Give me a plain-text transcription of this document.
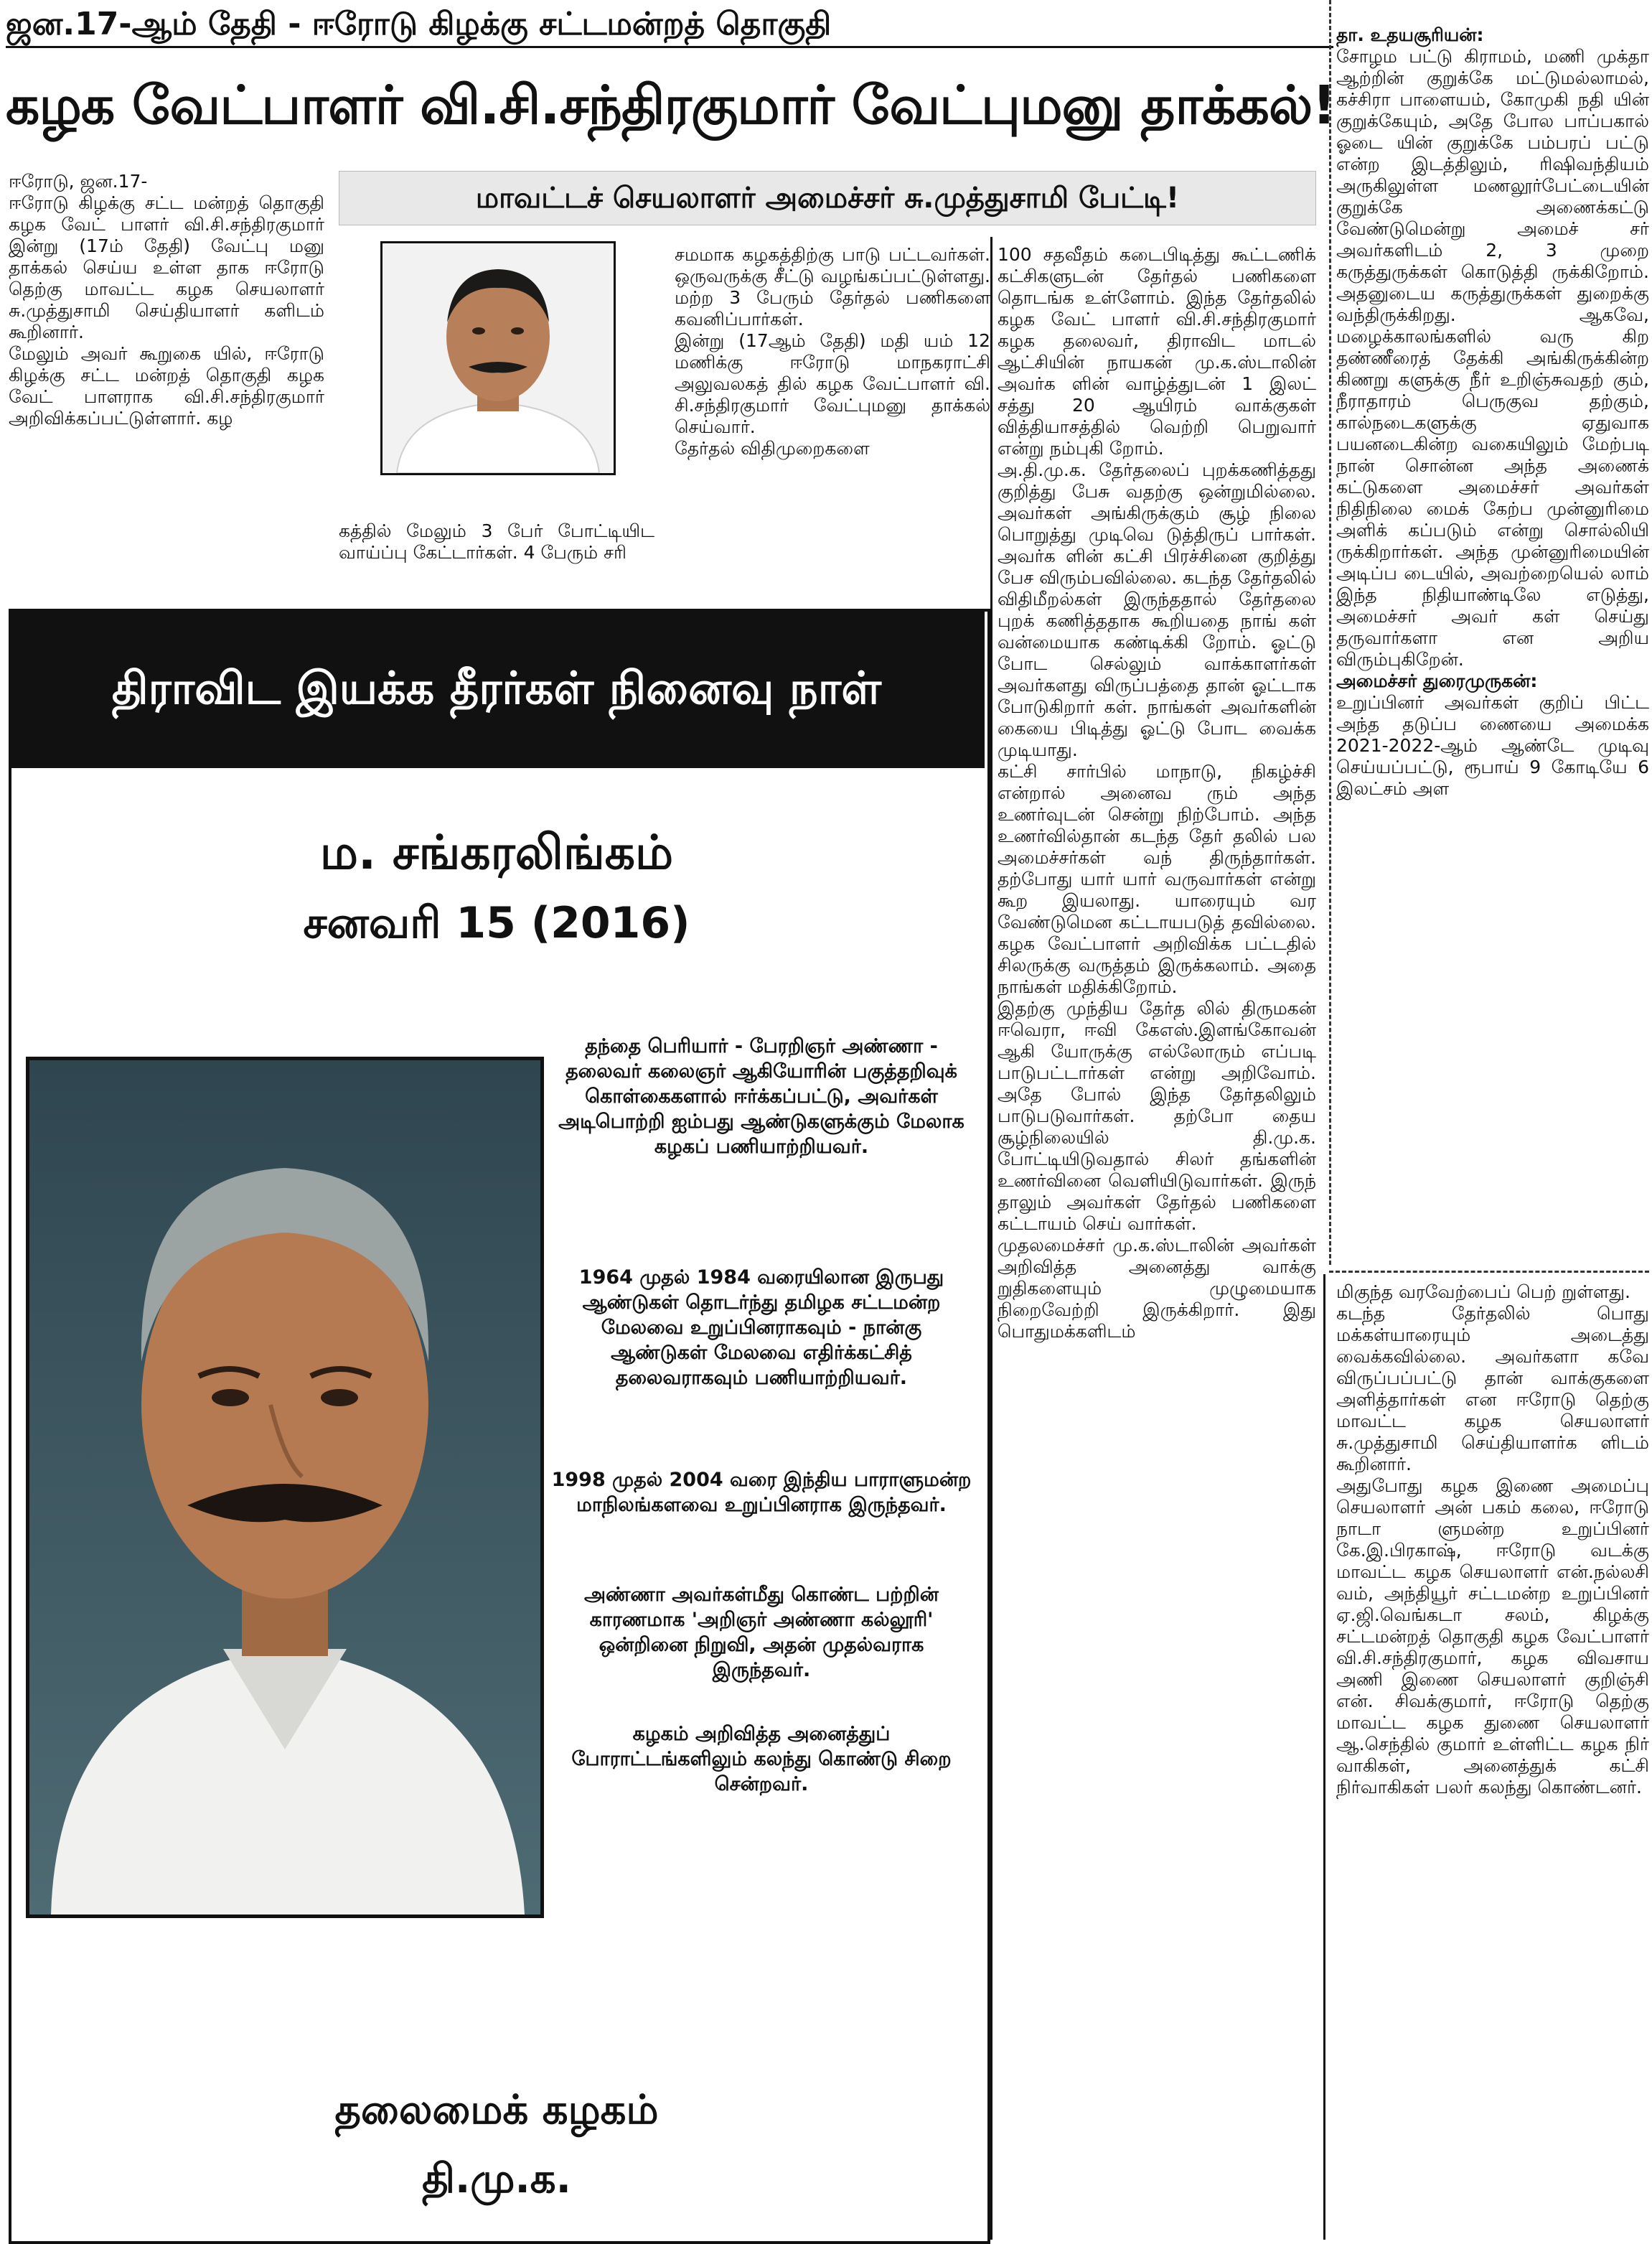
ஜன.17-ஆம் தேதி - ஈரோடு கிழக்கு சட்டமன்றத் தொகுதி
கழக வேட்பாளர் வி.சி.சந்திரகுமார் வேட்புமனு தாக்கல்!
மாவட்டச் செயலாளர் அமைச்சர் சு.முத்துசாமி பேட்டி!
ஈரோடு, ஜன.17-
ஈரோடு கிழக்கு சட்ட மன்றத் தொகுதி கழக வேட் பாளர் வி.சி.சந்திரகுமார் இன்று (17ம் தேதி) வேட்பு மனு தாக்கல் செய்ய உள்ள தாக ஈரோடு தெற்கு மாவட்ட கழக செயலாளர் சு.முத்துசாமி செய்தியாளர் களிடம் கூறினார்.
மேலும் அவர் கூறுகை யில், ஈரோடு கிழக்கு சட்ட மன்றத் தொகுதி கழக வேட் பாளராக வி.சி.சந்திரகுமார் அறிவிக்கப்பட்டுள்ளார். கழ
கத்தில் மேலும் 3 பேர் போட்டியிட வாய்ப்பு கேட்டார்கள். 4 பேரும் சரி
சமமாக கழகத்திற்கு பாடு பட்டவர்கள். ஒருவருக்கு சீட்டு வழங்கப்பட்டுள்ளது. மற்ற 3 பேரும் தேர்தல் பணிகளை கவனிப்பார்கள்.
இன்று (17ஆம் தேதி) மதி யம் 12 மணிக்கு ஈரோடு மாநகராட்சி அலுவலகத் தில் கழக வேட்பாளர் வி. சி.சந்திரகுமார் வேட்புமனு தாக்கல் செய்வார்.
தேர்தல் விதிமுறைகளை
100 சதவீதம் கடைபிடித்து கூட்டணிக் கட்சிகளுடன் தேர்தல் பணிகளை தொடங்க உள்ளோம். இந்த தேர்தலில் கழக வேட் பாளர் வி.சி.சந்திரகுமார் கழக தலைவர், திராவிட மாடல் ஆட்சியின் நாயகன் மு.க.ஸ்டாலின் அவர்க ளின் வாழ்த்துடன் 1 இலட் சத்து 20 ஆயிரம் வாக்குகள் வித்தியாசத்தில் வெற்றி பெறுவார் என்று நம்புகி றோம்.
அ.தி.மு.க. தேர்தலைப் புறக்கணித்தது குறித்து பேசு வதற்கு ஒன்றுமில்லை. அவர்கள் அங்கிருக்கும் சூழ் நிலை பொறுத்து முடிவெ டுத்திருப் பார்கள். அவர்க ளின் கட்சி பிரச்சினை குறித்து பேச விரும்பவில்லை. கடந்த தேர்தலில் விதிமீறல்கள் இருந்ததால் தேர்தலை புறக் கணித்ததாக கூறியதை நாங் கள் வன்மையாக கண்டிக்கி றோம். ஓட்டு போட செல்லும் வாக்காளர்கள் அவர்களது விருப்பத்தை தான் ஓட்டாக போடுகிறார் கள். நாங்கள் அவர்களின் கையை பிடித்து ஓட்டு போட வைக்க முடியாது.
கட்சி சார்பில் மாநாடு, நிகழ்ச்சி என்றால் அனைவ ரும் அந்த உணர்வுடன் சென்று நிற்போம். அந்த உணர்வில்தான் கடந்த தேர் தலில் பல அமைச்சர்கள் வந் திருந்தார்கள். தற்போது யார் யார் வருவார்கள் என்று கூற இயலாது. யாரையும் வர வேண்டுமென கட்டாயபடுத் தவில்லை. கழக வேட்பாளர் அறிவிக்க பட்டதில் சிலருக்கு வருத்தம் இருக்கலாம். அதை நாங்கள் மதிக்கிறோம்.
இதற்கு முந்திய தேர்த லில் திருமகன் ஈவெரா, ஈவி கேஎஸ்.இளங்கோவன் ஆகி யோருக்கு எல்லோரும் எப்படி பாடுபட்டார்கள் என்று அறிவோம். அதே போல் இந்த தேர்தலிலும் பாடுபடுவார்கள். தற்போ தைய சூழ்நிலையில் தி.மு.க. போட்டியிடுவதால் சிலர் தங்களின் உணர்வினை வெளியிடுவார்கள். இருந் தாலும் அவர்கள் தேர்தல் பணிகளை கட்டாயம் செய் வார்கள்.
முதலமைச்சர் மு.க.ஸ்டாலின் அவர்கள் அறிவித்த அனைத்து வாக்கு றுதிகளையும் முழுமையாக நிறைவேற்றி இருக்கிறார். இது பொதுமக்களிடம்

தா. உதயசூரியன்:
சோழம பட்டு கிராமம், மணி முக்தா ஆற்றின் குறுக்கே மட்டுமல்லாமல், கச்சிரா பாளையம், கோமுகி நதி யின் குறுக்கேயும், அதே போல பாப்பகால் ஓடை யின் குறுக்கே பம்பரப் பட்டு என்ற இடத்திலும், ரிஷிவந்தியம் அருகிலுள்ள மணலூர்பேட்டையின் குறுக்கே அணைக்கட்டு வேண்டுமென்று அமைச் சர் அவர்களிடம் 2, 3 முறை கருத்துருக்கள் கொடுத்தி ருக்கிறோம். அதனுடைய கருத்துருக்கள் துறைக்கு வந்திருக்கிறது. ஆகவே, மழைக்காலங்களில் வரு கிற தண்ணீரைத் தேக்கி அங்கிருக்கின்ற கிணறு களுக்கு நீர் உறிஞ்சுவதற் கும், நீராதாரம் பெருகுவ தற்கும், கால்நடைகளுக்கு ஏதுவாக பயனடைகின்ற வகையிலும் மேற்படி நான் சொன்ன அந்த அணைக் கட்டுகளை அமைச்சர் அவர்கள் நிதிநிலை மைக் கேற்ப முன்னுரிமை அளிக் கப்படும் என்று சொல்லியி ருக்கிறார்கள். அந்த முன்னுரிமையின் அடிப்ப டையில், அவற்றையெல் லாம் இந்த நிதியாண்டிலே எடுத்து, அமைச்சர் அவர் கள் செய்து தருவார்களா என அறிய விரும்புகிறேன்.
அமைச்சர் துரைமுருகன்:
உறுப்பினர் அவர்கள் குறிப் பிட்ட அந்த தடுப்ப ணையை அமைக்க 2021-2022-ஆம் ஆண்டே முடிவு செய்யப்பட்டு, ரூபாய் 9 கோடியே 6 இலட்சம் அள

மிகுந்த வரவேற்பைப் பெற் றுள்ளது.
கடந்த தேர்தலில் பொது மக்கள்யாரையும் அடைத்து வைக்கவில்லை. அவர்களா கவே விருப்பப்பட்டு தான் வாக்குகளை அளித்தார்கள் என ஈரோடு தெற்கு மாவட்ட கழக செயலாளர் சு.முத்துசாமி செய்தியாளர்க ளிடம் கூறினார்.
அதுபோது கழக இணை அமைப்பு செயலாளர் அன் பகம் கலை, ஈரோடு நாடா ளுமன்ற உறுப்பினர் கே.இ.பிரகாஷ், ஈரோடு வடக்கு மாவட்ட கழக செயலாளர் என்.நல்லசி வம், அந்தியூர் சட்டமன்ற உறுப்பினர் ஏ.ஜி.வெங்கடா சலம், கிழக்கு சட்டமன்றத் தொகுதி கழக வேட்பாளர் வி.சி.சந்திரகுமார், கழக விவசாய அணி இணை செயலாளர் குறிஞ்சி என். சிவக்குமார், ஈரோடு தெற்கு மாவட்ட கழக துணை செயலாளர் ஆ.செந்தில் குமார் உள்ளிட்ட கழக நிர் வாகிகள், அனைத்துக் கட்சி நிர்வாகிகள் பலர் கலந்து கொண்டனர்.
திராவிட இயக்க தீரர்கள் நினைவு நாள்
ம. சங்கரலிங்கம்
சனவரி 15 (2016)
தந்தை பெரியார் - பேரறிஞர் அண்ணா - தலைவர் கலைஞர் ஆகியோரின் பகுத்தறிவுக் கொள்கைகளால் ஈர்க்கப்பட்டு, அவர்கள் அடிபொற்றி ஐம்பது ஆண்டுகளுக்கும் மேலாக கழகப் பணியாற்றியவர்.
1964 முதல் 1984 வரையிலான இருபது ஆண்டுகள் தொடர்ந்து தமிழக சட்டமன்ற மேலவை உறுப்பினராகவும் - நான்கு ஆண்டுகள் மேலவை எதிர்க்கட்சித் தலைவராகவும் பணியாற்றியவர்.
1998 முதல் 2004 வரை இந்திய பாராளுமன்ற மாநிலங்களவை உறுப்பினராக இருந்தவர்.
அண்ணா அவர்கள்மீது கொண்ட பற்றின் காரணமாக 'அறிஞர் அண்ணா கல்லூரி' ஒன்றினை நிறுவி, அதன் முதல்வராக இருந்தவர்.
கழகம் அறிவித்த அனைத்துப் போராட்டங்களிலும் கலந்து கொண்டு சிறை சென்றவர்.
தலைமைக் கழகம்
தி.மு.க.
